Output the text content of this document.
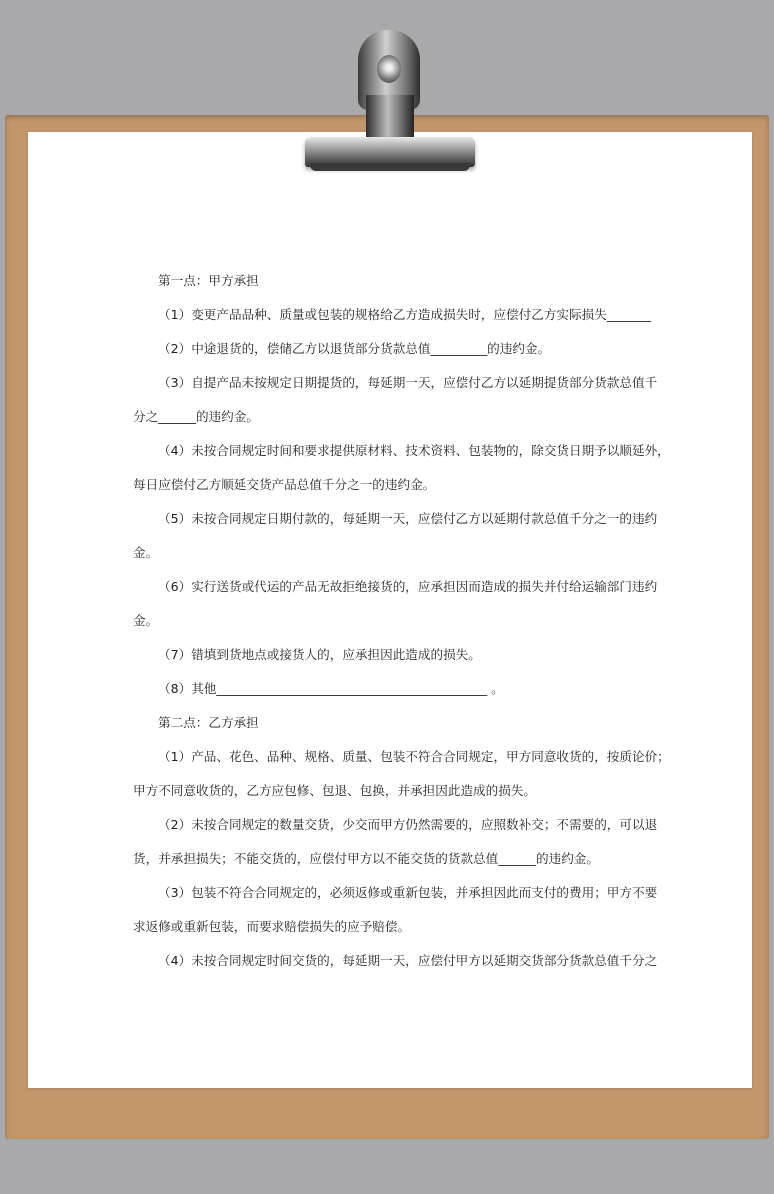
第一点：甲方承担
（1）变更产品品种、质量或包装的规格给乙方造成损失时，应偿付乙方实际损失_______
（2）中途退货的，偿储乙方以退货部分货款总值_________的违约金。
（3）自提产品未按规定日期提货的，每延期一天，应偿付乙方以延期提货部分货款总值千
分之______的违约金。
（4）未按合同规定时间和要求提供原材料、技术资料、包装物的，除交货日期予以顺延外，
每日应偿付乙方顺延交货产品总值千分之一的违约金。
（5）未按合同规定日期付款的，每延期一天，应偿付乙方以延期付款总值千分之一的违约
金。
（6）实行送货或代运的产品无故拒绝接货的，应承担因而造成的损失并付给运输部门违约
金。
（7）错填到货地点或接货人的，应承担因此造成的损失。
（8）其他___________________________________________ 。
第二点：乙方承担
（1）产品、花色、品种、规格、质量、包装不符合合同规定，甲方同意收货的，按质论价；
甲方不同意收货的，乙方应包修、包退、包换，并承担因此造成的损失。
（2）未按合同规定的数量交货，少交而甲方仍然需要的，应照数补交；不需要的，可以退
货，并承担损失；不能交货的，应偿付甲方以不能交货的货款总值______的违约金。
（3）包装不符合合同规定的，必须返修或重新包装，并承担因此而支付的费用；甲方不要
求返修或重新包装，而要求赔偿损失的应予赔偿。
（4）未按合同规定时间交货的，每延期一天，应偿付甲方以延期交货部分货款总值千分之
